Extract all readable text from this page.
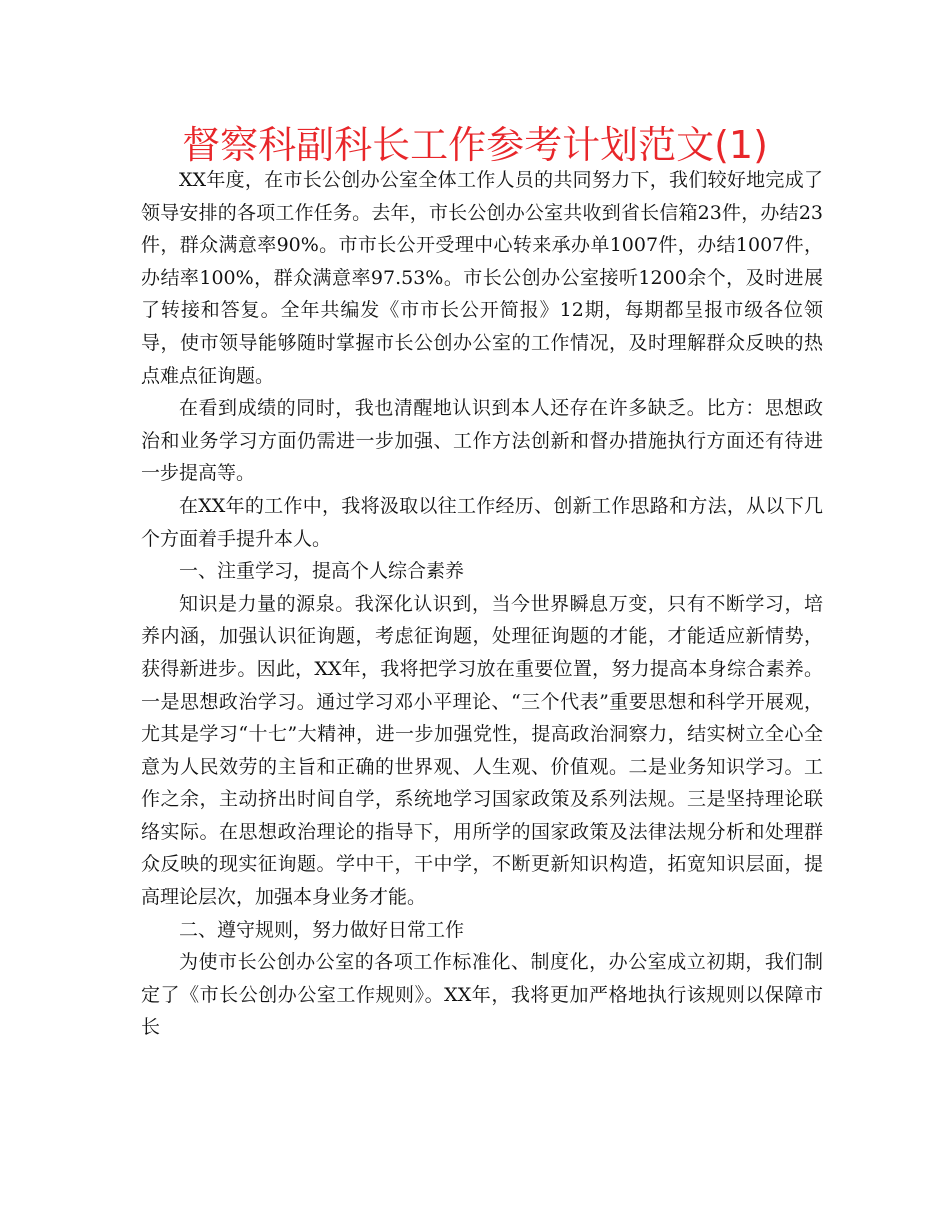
督察科副科长工作参考计划范文(1)

XX年度，在市长公创办公室全体工作人员的共同努力下，我们较好地完成了领导安排的各项工作任务。去年，市长公创办公室共收到省长信箱23件，办结23件，群众满意率90%。市市长公开受理中心转来承办单1007件，办结1007件，办结率100%，群众满意率97.53%。市长公创办公室接听1200余个，及时进展了转接和答复。全年共编发《市市长公开简报》12期，每期都呈报市级各位领导，使市领导能够随时掌握市长公创办公室的工作情况，及时理解群众反映的热点难点征询题。

在看到成绩的同时，我也清醒地认识到本人还存在许多缺乏。比方：思想政治和业务学习方面仍需进一步加强、工作方法创新和督办措施执行方面还有待进一步提高等。

在XX年的工作中，我将汲取以往工作经历、创新工作思路和方法，从以下几个方面着手提升本人。

一、注重学习，提高个人综合素养

知识是力量的源泉。我深化认识到，当今世界瞬息万变，只有不断学习，培养内涵，加强认识征询题，考虑征询题，处理征询题的才能，才能适应新情势，获得新进步。因此，XX年，我将把学习放在重要位置，努力提高本身综合素养。一是思想政治学习。通过学习邓小平理论、“三个代表”重要思想和科学开展观，尤其是学习“十七”大精神，进一步加强党性，提高政治洞察力，结实树立全心全意为人民效劳的主旨和正确的世界观、人生观、价值观。二是业务知识学习。工作之余，主动挤出时间自学，系统地学习国家政策及系列法规。三是坚持理论联络实际。在思想政治理论的指导下，用所学的国家政策及法律法规分析和处理群众反映的现实征询题。学中干，干中学，不断更新知识构造，拓宽知识层面，提高理论层次，加强本身业务才能。

二、遵守规则，努力做好日常工作

为使市长公创办公室的各项工作标准化、制度化，办公室成立初期，我们制定了《市长公创办公室工作规则》。XX年，我将更加严格地执行该规则以保障市长
